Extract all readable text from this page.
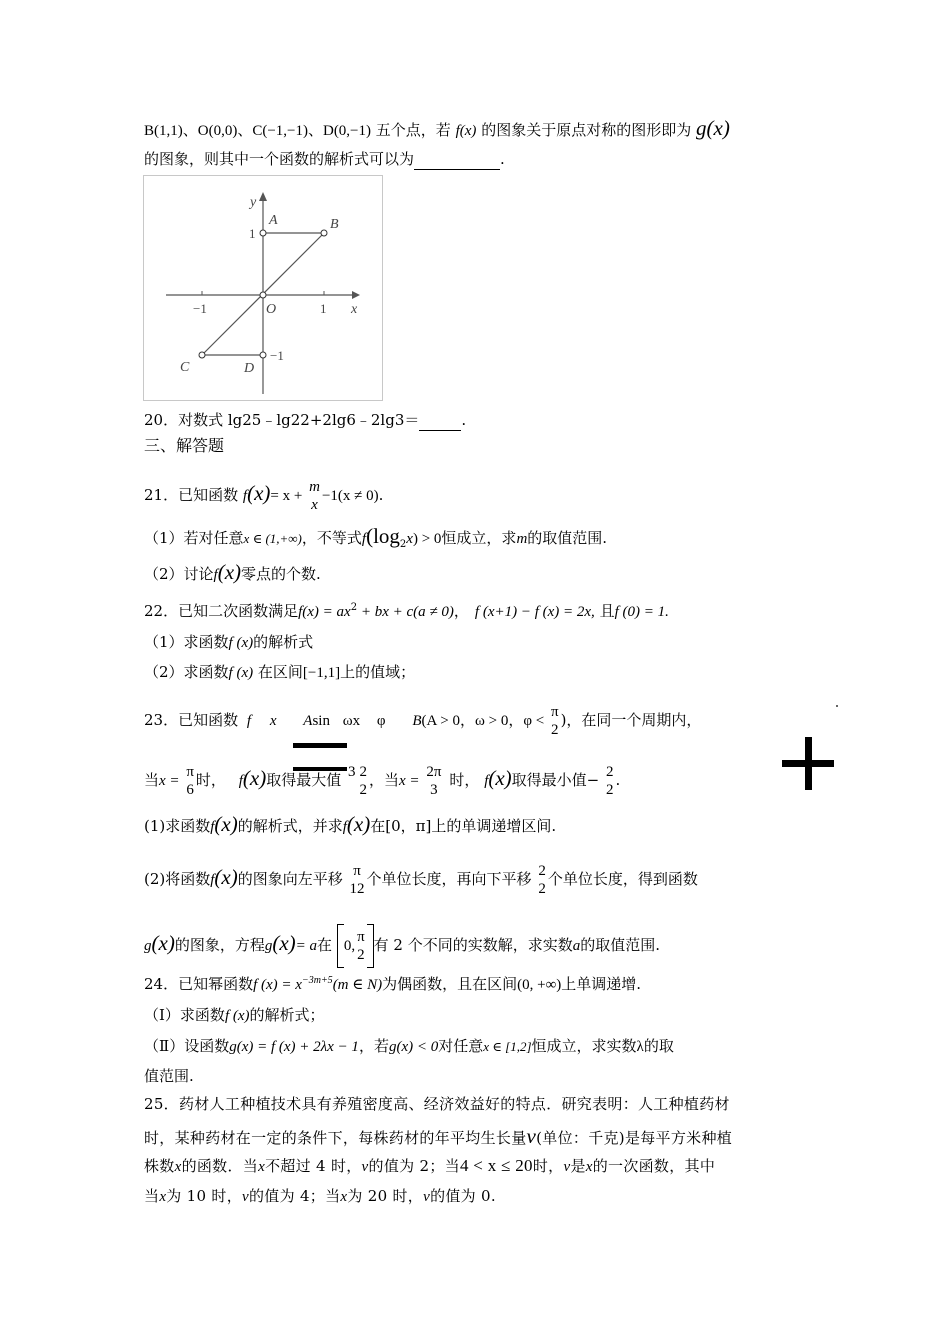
B(1,1)、O(0,0)、C(−1,−1)、D(0,−1) 五个点，若 f(x) 的图象关于原点对称的图形即为 g(x)
的图象，则其中一个函数的解析式可以为	.
y
x
A	B
C	D
O
1
−1	1
−1
20．对数式 lg25﹣lg22+2lg6﹣2lg3＝	.
三、解答题
21．已知函数 f(x)= x +
m
x
−1(x ≠ 0).
（1）若对任意x ∈ (1,+∞)，不等式$f(\log_2x) > 0$恒成立，求m的取值范围.
（2）讨论f(x)零点的个数.
22．已知二次函数满足$f(x) = ax^2$ + bx + c(a ≠ 0)， f (x+1) − f (x) = 2x, 且f (0) = 1.
（1）求函数f (x)的解析式
（2）求函数f (x) 在区间[−1,1]上的值域；
23．已知函数 f x Asin ωx φ B(A > 0，ω > 0，φ <
π
2
)，在同一个周期内，
当x =
π
6
时， f(x)取得最大值 3
2
2
，当x =
2π
3
时， f(x)取得最小值− 2
2
.
(1)求函数f(x)的解析式，并求f(x)在[0，π]上的单调递增区间.
(2)将函数f(x)的图象向左平移 π
12
个单位长度，再向下平移 2
2
个单位长度，得到函数
g(x)的图象，方程g(x)= a在 0,
π
2
有 2 个不同的实数解，求实数a的取值范围.
24．已知幂函数f $(x) = x^{-3m+5}(m$ ∈ N)为偶函数，且在区间(0, +∞)上单调递增.
（Ⅰ）求函数f (x)的解析式；
（Ⅱ）设函数g(x) = f (x) + 2λx − 1，若g(x) < 0对任意x ∈ [1,2]恒成立，求实数λ的取
值范围.
25．药材人工种植技术具有养殖密度高、经济效益好的特点．研究表明：人工种植药材
时，某种药材在一定的条件下，每株药材的年平均生长量v(单位：千克)是每平方米种植
株数x的函数．当x不超过 4 时，v的值为 2；当4 < x ≤ 20时，v是x的一次函数，其中
当x为 10 时，v的值为 4；当x为 20 时，v的值为 0.
